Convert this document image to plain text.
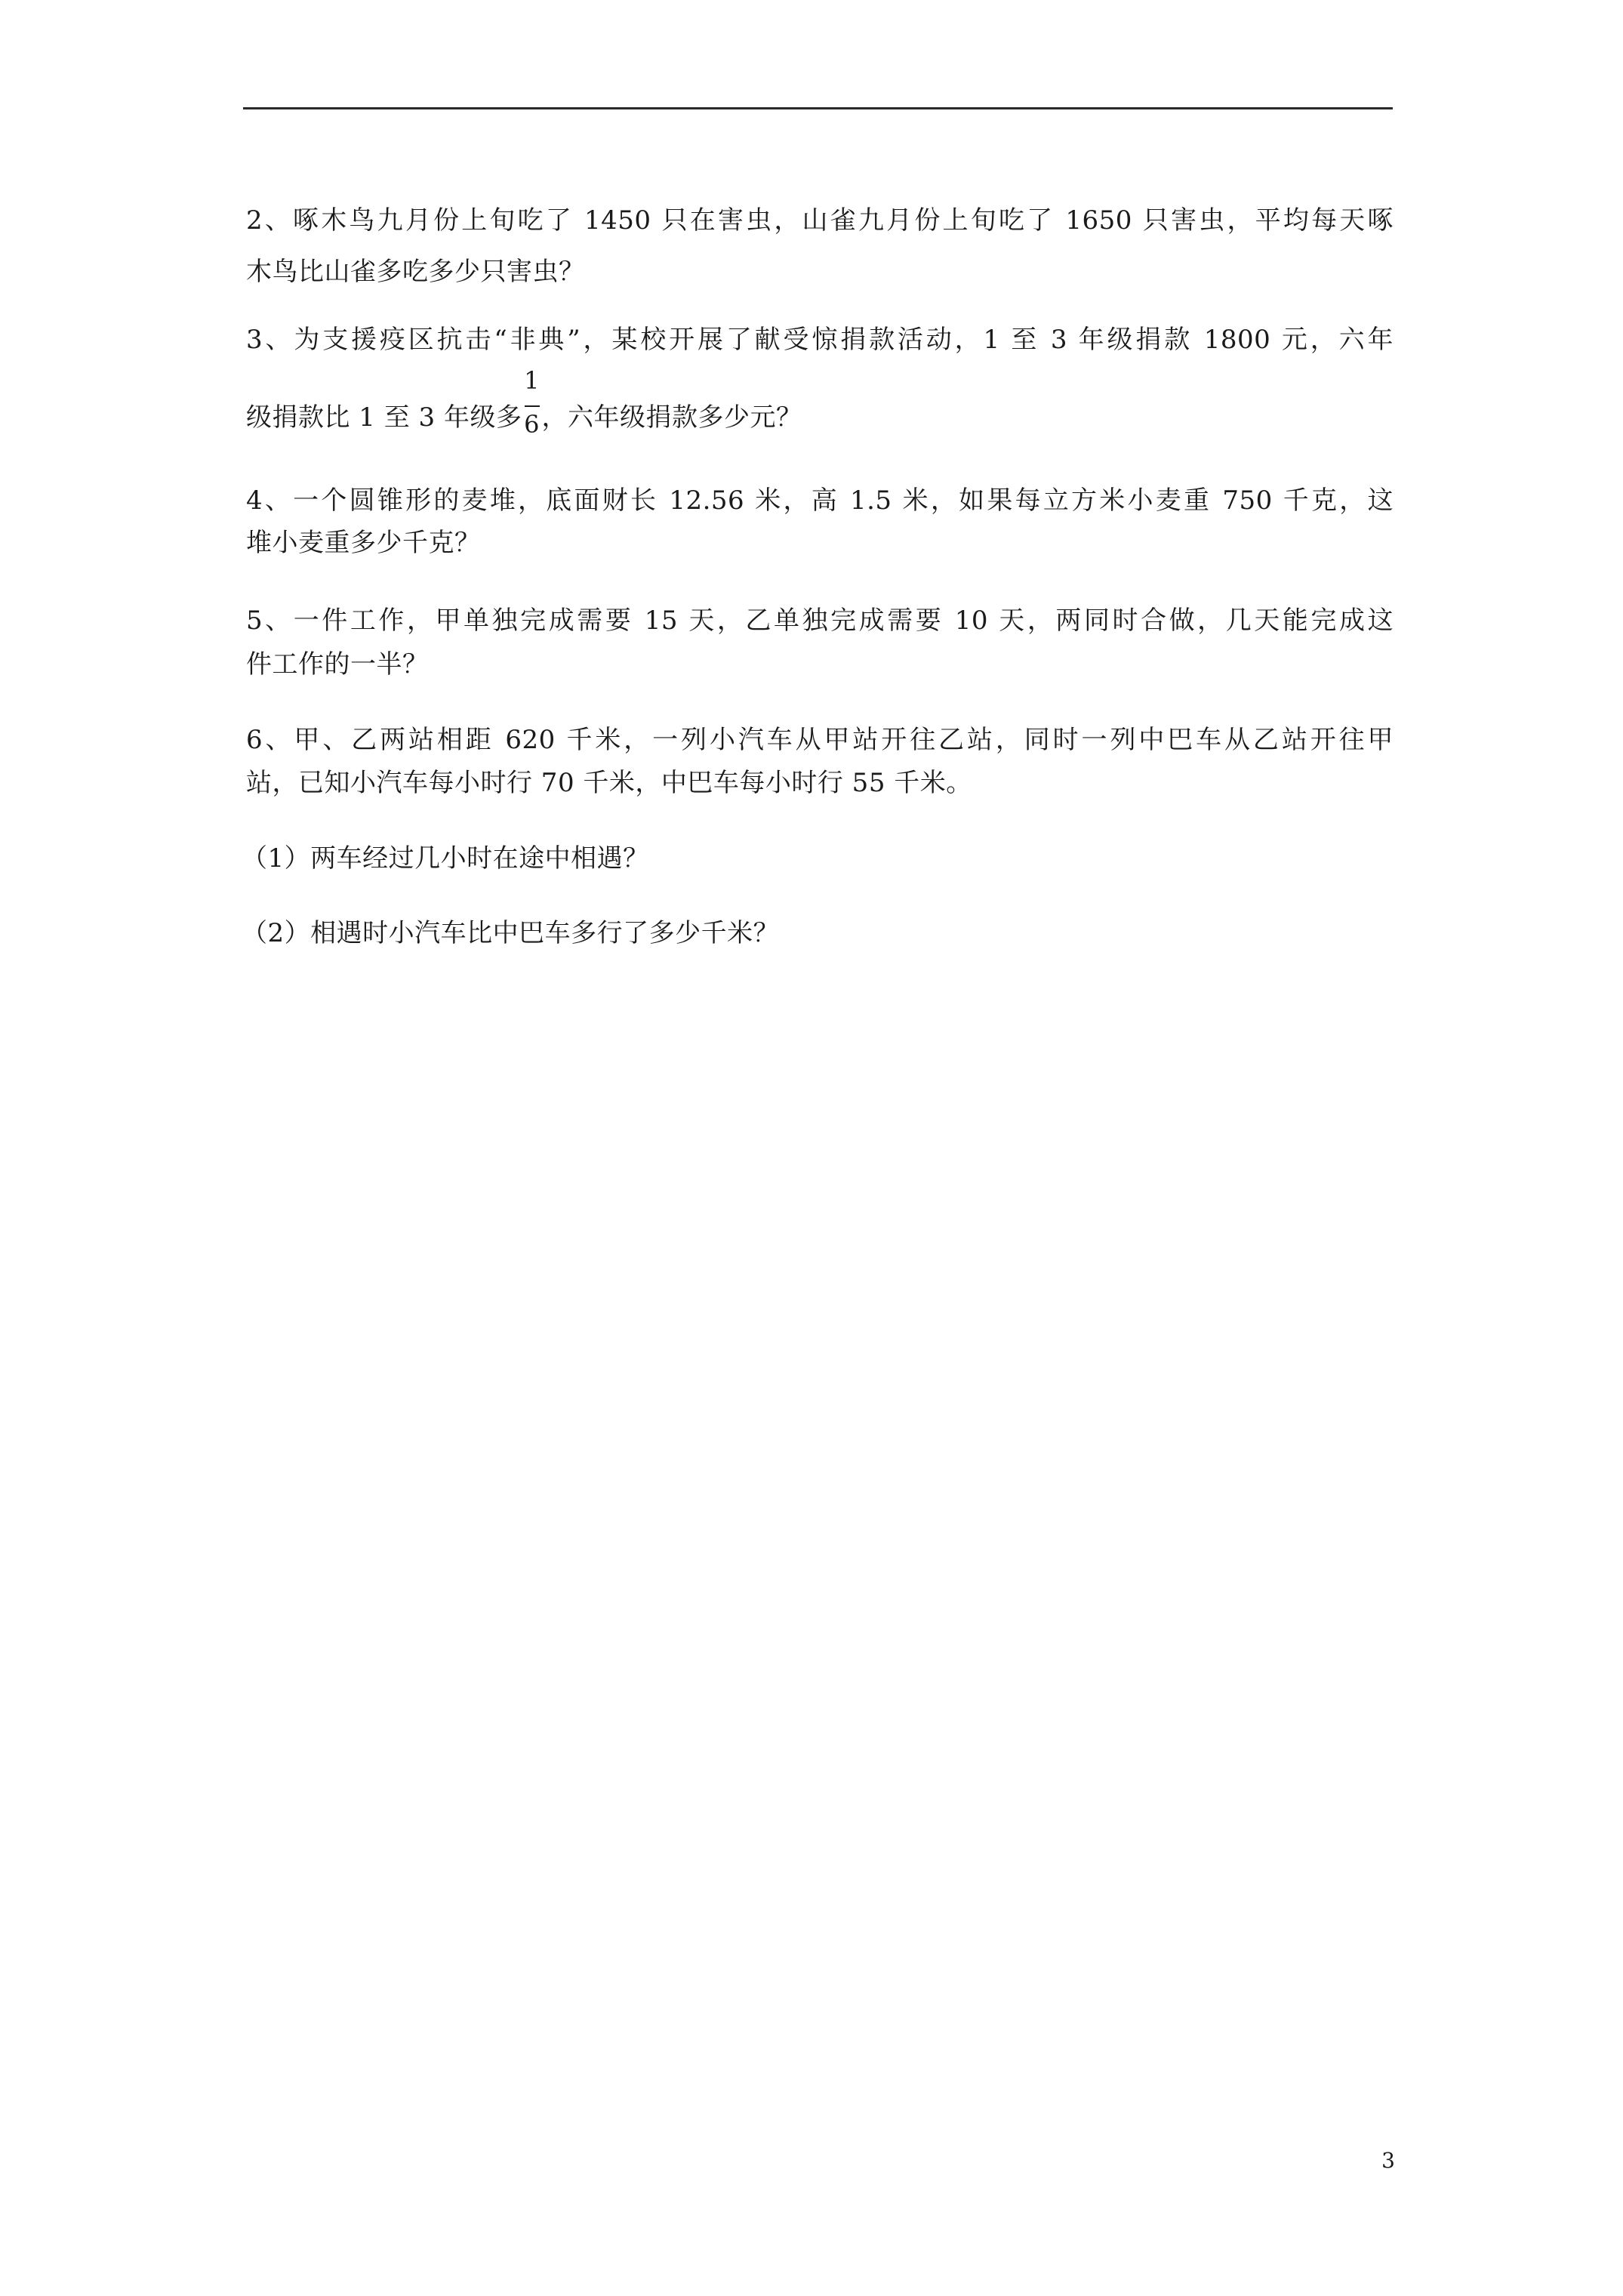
2、啄木鸟九月份上旬吃了 1450 只在害虫，山雀九月份上旬吃了 1650 只害虫，平均每天啄
木鸟比山雀多吃多少只害虫？
3、为支援疫区抗击“非典”，某校开展了献受惊捐款活动，1 至 3 年级捐款 1800 元，六年
级捐款比 1 至 3 年级多 $\frac{1}{6}$ ，六年级捐款多少元？
4、一个圆锥形的麦堆，底面财长 12.56 米，高 1.5 米，如果每立方米小麦重 750 千克，这
堆小麦重多少千克？
5、一件工作，甲单独完成需要 15 天，乙单独完成需要 10 天，两同时合做，几天能完成这
件工作的一半？
6、甲、乙两站相距 620 千米，一列小汽车从甲站开往乙站，同时一列中巴车从乙站开往甲
站，已知小汽车每小时行 70 千米，中巴车每小时行 55 千米。
（1）两车经过几小时在途中相遇？
（2）相遇时小汽车比中巴车多行了多少千米？
3
